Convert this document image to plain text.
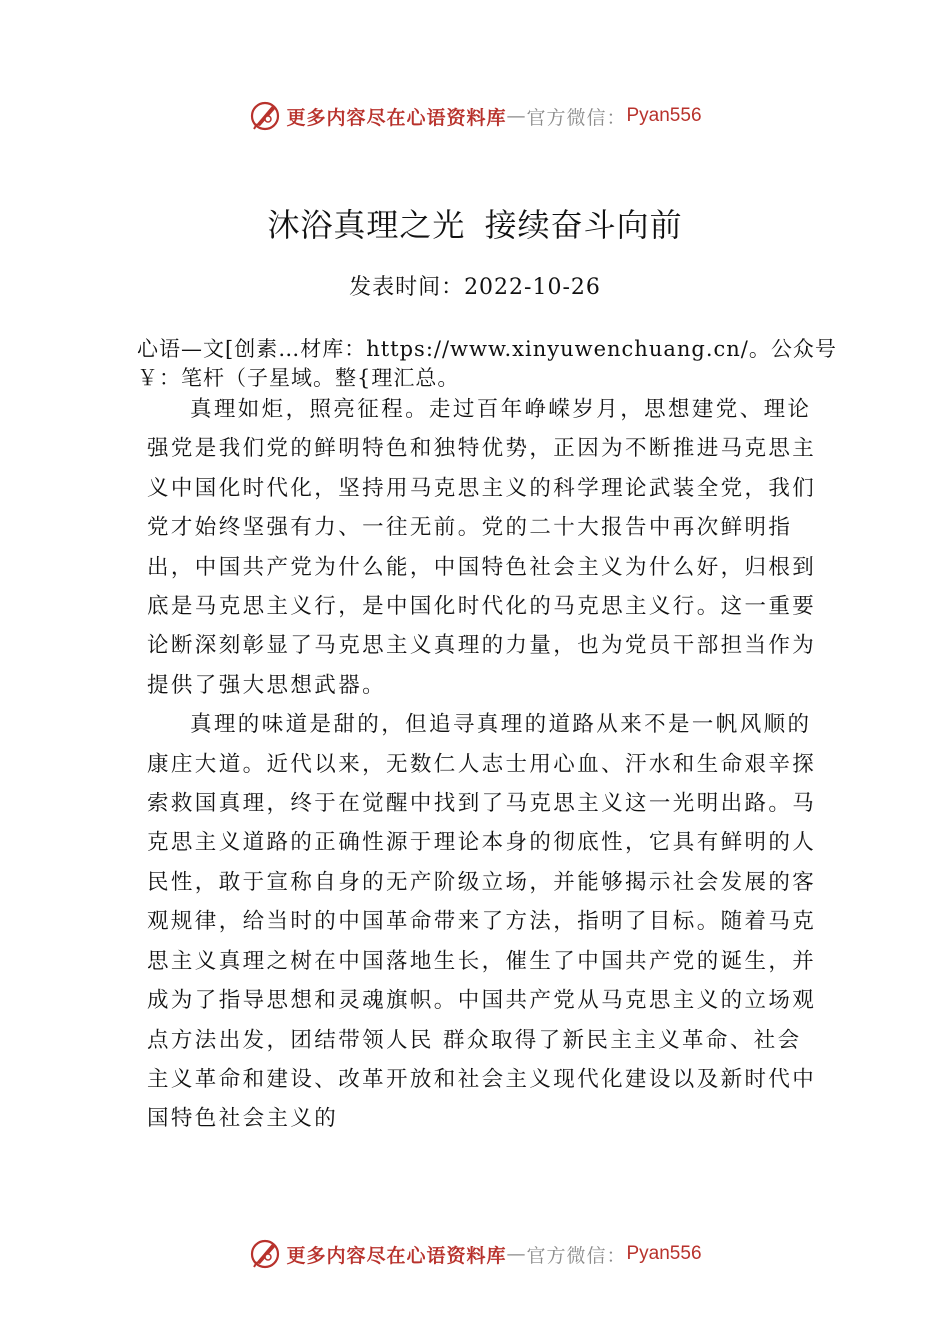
更多内容尽在心语资料库 — 官方微信： Pyan556
沐浴真理之光 接续奋斗向前
发表时间：2022-10-26
心语—文[创素…材库：https://www.xinyuwenchuang.cn/。公众号￥：笔杆（子星域。整{理汇总。

真理如炬，照亮征程。走过百年峥嵘岁月，思想建党、理论强党是我们党的鲜明特色和独特优势，正因为不断推进马克思主义中国化时代化，坚持用马克思主义的科学理论武装全党，我们党才始终坚强有力、一往无前。党的二十大报告中再次鲜明指出，中国共产党为什么能，中国特色社会主义为什么好，归根到底是马克思主义行，是中国化时代化的马克思主义行。这一重要论断深刻彰显了马克思主义真理的力量，也为党员干部担当作为提供了强大思想武器。

真理的味道是甜的，但追寻真理的道路从来不是一帆风顺的康庄大道。近代以来，无数仁人志士用心血、汗水和生命艰辛探索救国真理，终于在觉醒中找到了马克思主义这一光明出路。马克思主义道路的正确性源于理论本身的彻底性，它具有鲜明的人民性，敢于宣称自身的无产阶级立场，并能够揭示社会发展的客观规律，给当时的中国革命带来了方法，指明了目标。随着马克思主义真理之树在中国落地生长，催生了中国共产党的诞生，并成为了指导思想和灵魂旗帜。中国共产党从马克思主义的立场观点方法出发，团结带领人民 群众取得了新民主主义革命、社会主义革命和建设、改革开放和社会主义现代化建设以及新时代中国特色社会主义的

更多内容尽在心语资料库 — 官方微信： Pyan556
